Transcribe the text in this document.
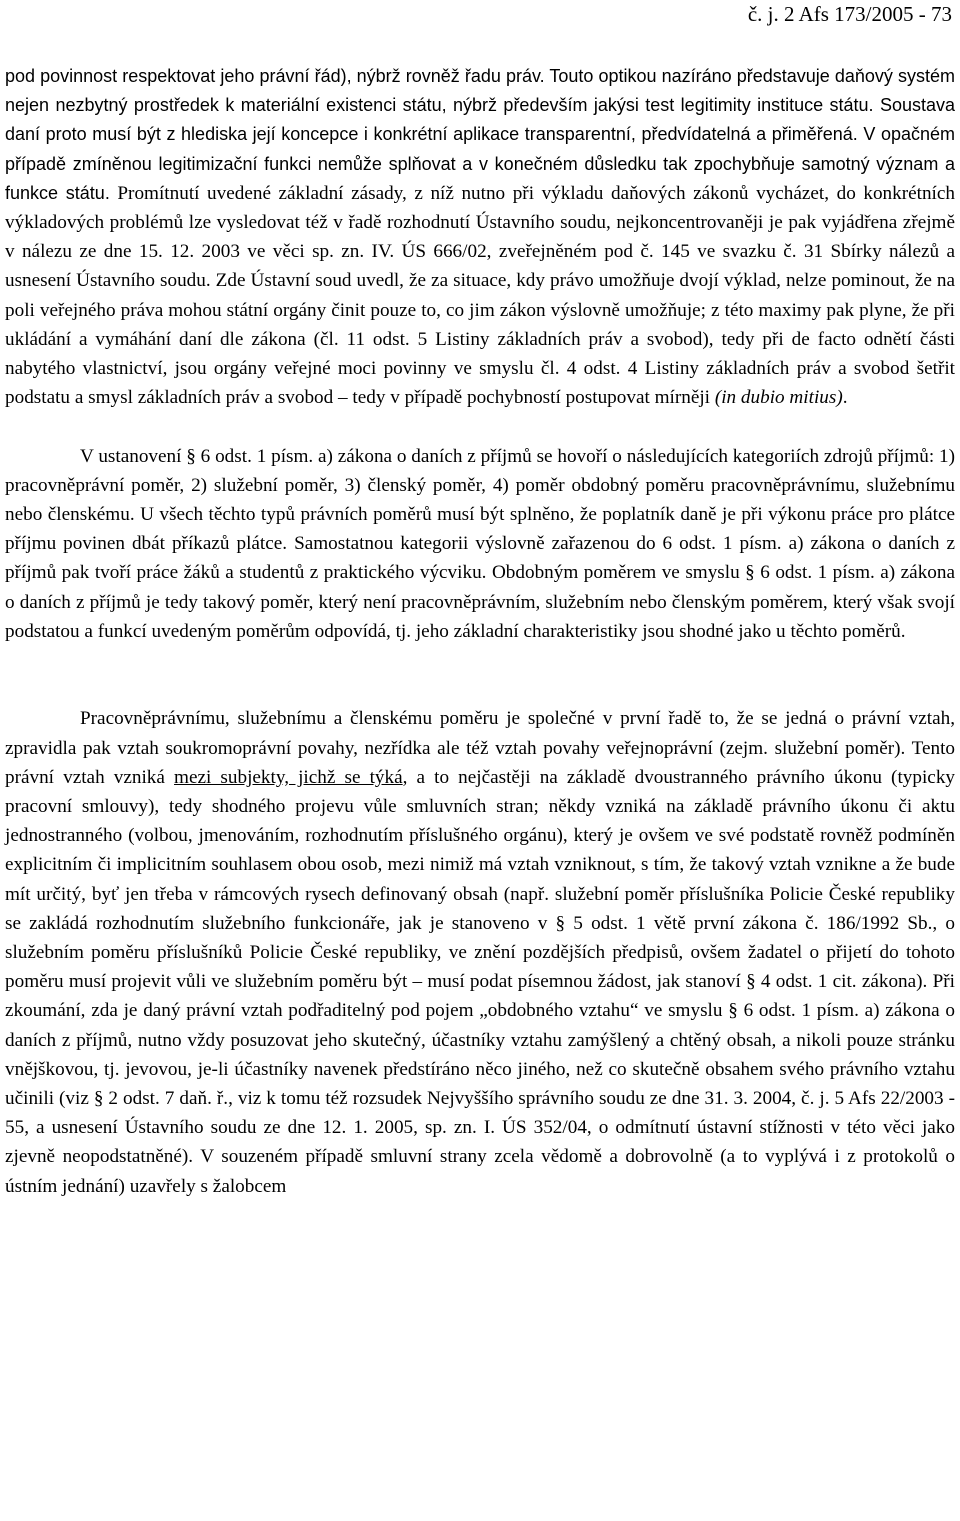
č. j. 2 Afs 173/2005 - 73

pod povinnost respektovat jeho právní řád), nýbrž rovněž řadu práv. Touto optikou nazíráno představuje daňový systém nejen nezbytný prostředek k materiální existenci státu, nýbrž především jakýsi test legitimity instituce státu. Soustava daní proto musí být z hlediska její koncepce i konkrétní aplikace transparentní, předvídatelná a přiměřená. V opačném případě zmíněnou legitimizační funkci nemůže splňovat a v konečném důsledku tak zpochybňuje samotný význam a funkce státu. Promítnutí uvedené základní zásady, z níž nutno při výkladu daňových zákonů vycházet, do konkrétních výkladových problémů lze vysledovat též v řadě rozhodnutí Ústavního soudu, nejkoncentrovaněji je pak vyjádřena zřejmě v nálezu ze dne 15. 12. 2003 ve věci sp. zn. IV. ÚS 666/02, zveřejněném pod č. 145 ve svazku č. 31 Sbírky nálezů a usnesení Ústavního soudu. Zde Ústavní soud uvedl, že za situace, kdy právo umožňuje dvojí výklad, nelze pominout, že na poli veřejného práva mohou státní orgány činit pouze to, co jim zákon výslovně umožňuje; z této maximy pak plyne, že při ukládání a vymáhání daní dle zákona (čl. 11 odst. 5 Listiny základních práv a svobod), tedy při de facto odnětí části nabytého vlastnictví, jsou orgány veřejné moci povinny ve smyslu čl. 4 odst. 4 Listiny základních práv a svobod šetřit podstatu a smysl základních práv a svobod – tedy v případě pochybností postupovat mírněji (in dubio mitius).

V ustanovení § 6 odst. 1 písm. a) zákona o daních z příjmů se hovoří o následujících kategoriích zdrojů příjmů: 1) pracovněprávní poměr, 2) služební poměr, 3) členský poměr, 4) poměr obdobný poměru pracovněprávnímu, služebnímu nebo členskému. U všech těchto typů právních poměrů musí být splněno, že poplatník daně je při výkonu práce pro plátce příjmu povinen dbát příkazů plátce. Samostatnou kategorii výslovně zařazenou do 6 odst. 1 písm. a) zákona o daních z příjmů pak tvoří práce žáků a studentů z praktického výcviku. Obdobným poměrem ve smyslu § 6 odst. 1 písm. a) zákona o daních z příjmů je tedy takový poměr, který není pracovněprávním, služebním nebo členským poměrem, který však svojí podstatou a funkcí uvedeným poměrům odpovídá, tj. jeho základní charakteristiky jsou shodné jako u těchto poměrů.

Pracovněprávnímu, služebnímu a členskému poměru je společné v první řadě to, že se jedná o právní vztah, zpravidla pak vztah soukromoprávní povahy, nezřídka ale též vztah povahy veřejnoprávní (zejm. služební poměr). Tento právní vztah vzniká mezi subjekty, jichž se týká, a to nejčastěji na základě dvoustranného právního úkonu (typicky pracovní smlouvy), tedy shodného projevu vůle smluvních stran; někdy vzniká na základě právního úkonu či aktu jednostranného (volbou, jmenováním, rozhodnutím příslušného orgánu), který je ovšem ve své podstatě rovněž podmíněn explicitním či implicitním souhlasem obou osob, mezi nimiž má vztah vzniknout, s tím, že takový vztah vznikne a že bude mít určitý, byť jen třeba v rámcových rysech definovaný obsah (např. služební poměr příslušníka Policie České republiky se zakládá rozhodnutím služebního funkcionáře, jak je stanoveno v § 5 odst. 1 větě první zákona č. 186/1992 Sb., o služebním poměru příslušníků Policie České republiky, ve znění pozdějších předpisů, ovšem žadatel o přijetí do tohoto poměru musí projevit vůli ve služebním poměru být – musí podat písemnou žádost, jak stanoví § 4 odst. 1 cit. zákona). Při zkoumání, zda je daný právní vztah podřaditelný pod pojem „obdobného vztahu“ ve smyslu § 6 odst. 1 písm. a) zákona o daních z příjmů, nutno vždy posuzovat jeho skutečný, účastníky vztahu zamýšlený a chtěný obsah, a nikoli pouze stránku vnějškovou, tj. jevovou, je-li účastníky navenek předstíráno něco jiného, než co skutečně obsahem svého právního vztahu učinili (viz § 2 odst. 7 daň. ř., viz k tomu též rozsudek Nejvyššího správního soudu ze dne 31. 3. 2004, č. j. 5 Afs 22/2003 - 55, a usnesení Ústavního soudu ze dne 12. 1. 2005, sp. zn. I. ÚS 352/04, o odmítnutí ústavní stížnosti v této věci jako zjevně neopodstatněné). V souzeném případě smluvní strany zcela vědomě a dobrovolně (a to vyplývá i z protokolů o ústním jednání) uzavřely s žalobcem
